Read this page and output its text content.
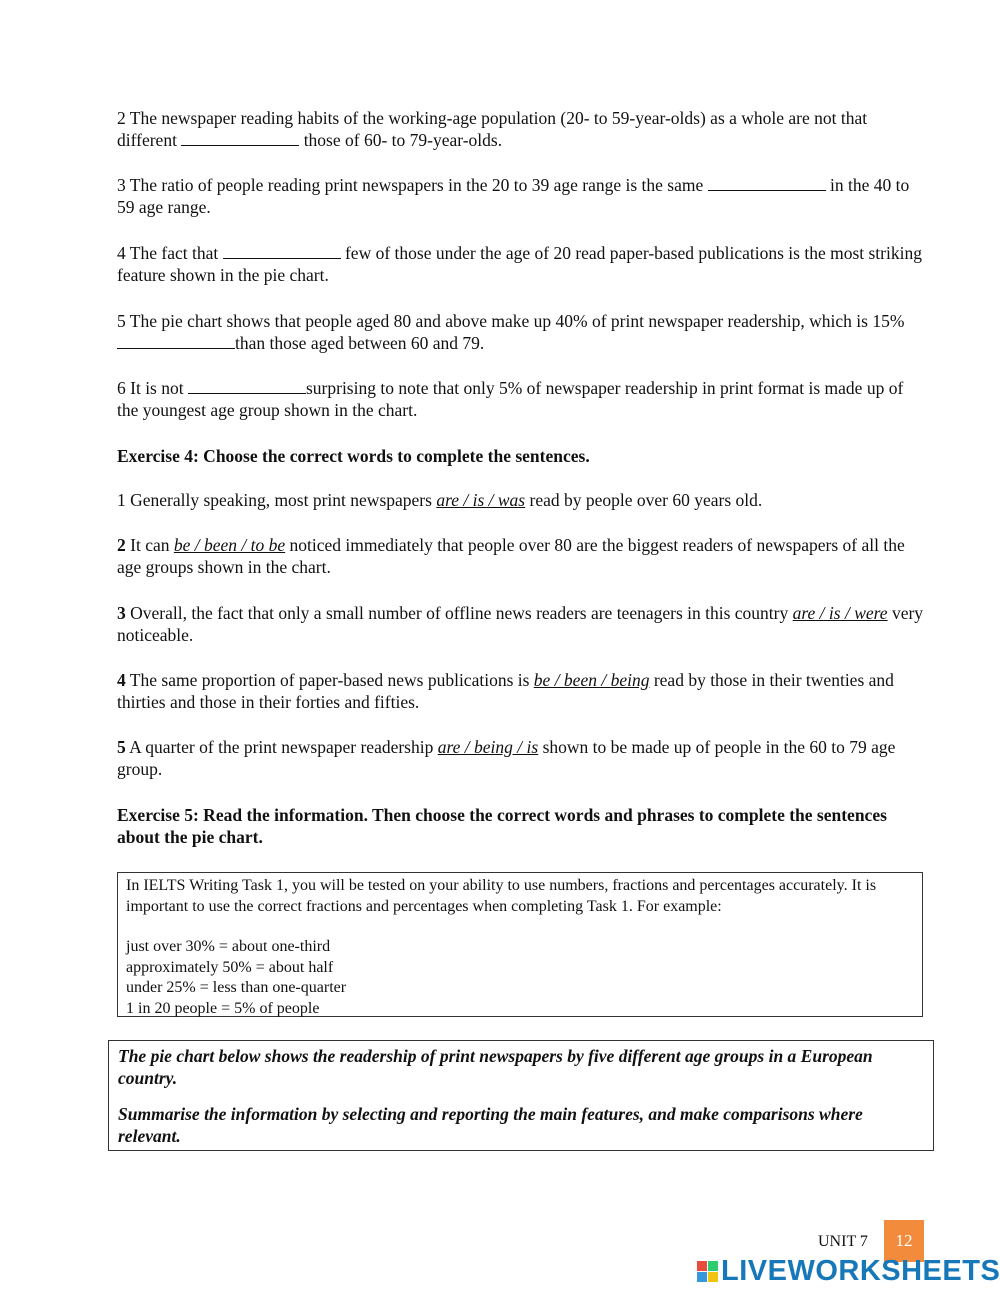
2 The newspaper reading habits of the working-age population (20- to 59-year-olds) as a whole are not that different	those of 60- to 79-year-olds.
3 The ratio of people reading print newspapers in the 20 to 39 age range is the same	in the 40 to 59 age range.
4 The fact that	few of those under the age of 20 read paper-based publications is the most striking feature shown in the pie chart.
5 The pie chart shows that people aged 80 and above make up 40% of print newspaper readership, which is 15% than those aged between 60 and 79.
6 It is not	surprising to note that only 5% of newspaper readership in print format is made up of the youngest age group shown in the chart.
Exercise 4: Choose the correct words to complete the sentences.
1 Generally speaking, most print newspapers are / is / was read by people over 60 years old.
2 It can be / been / to be noticed immediately that people over 80 are the biggest readers of newspapers of all the age groups shown in the chart.
3 Overall, the fact that only a small number of offline news readers are teenagers in this country are / is / were very noticeable.
4 The same proportion of paper-based news publications is be / been / being read by those in their twenties and thirties and those in their forties and fifties.
5 A quarter of the print newspaper readership are / being / is shown to be made up of people in the 60 to 79 age group.
Exercise 5: Read the information. Then choose the correct words and phrases to complete the sentences about the pie chart.
In IELTS Writing Task 1, you will be tested on your ability to use numbers, fractions and percentages accurately. It is important to use the correct fractions and percentages when completing Task 1. For example:
just over 30% = about one-third
approximately 50% = about half
under 25% = less than one-quarter
1 in 20 people = 5% of people

The pie chart below shows the readership of print newspapers by five different age groups in a European country.

Summarise the information by selecting and reporting the main features, and make comparisons where relevant.

UNIT 7	12
LIVEWORKSHEETS
